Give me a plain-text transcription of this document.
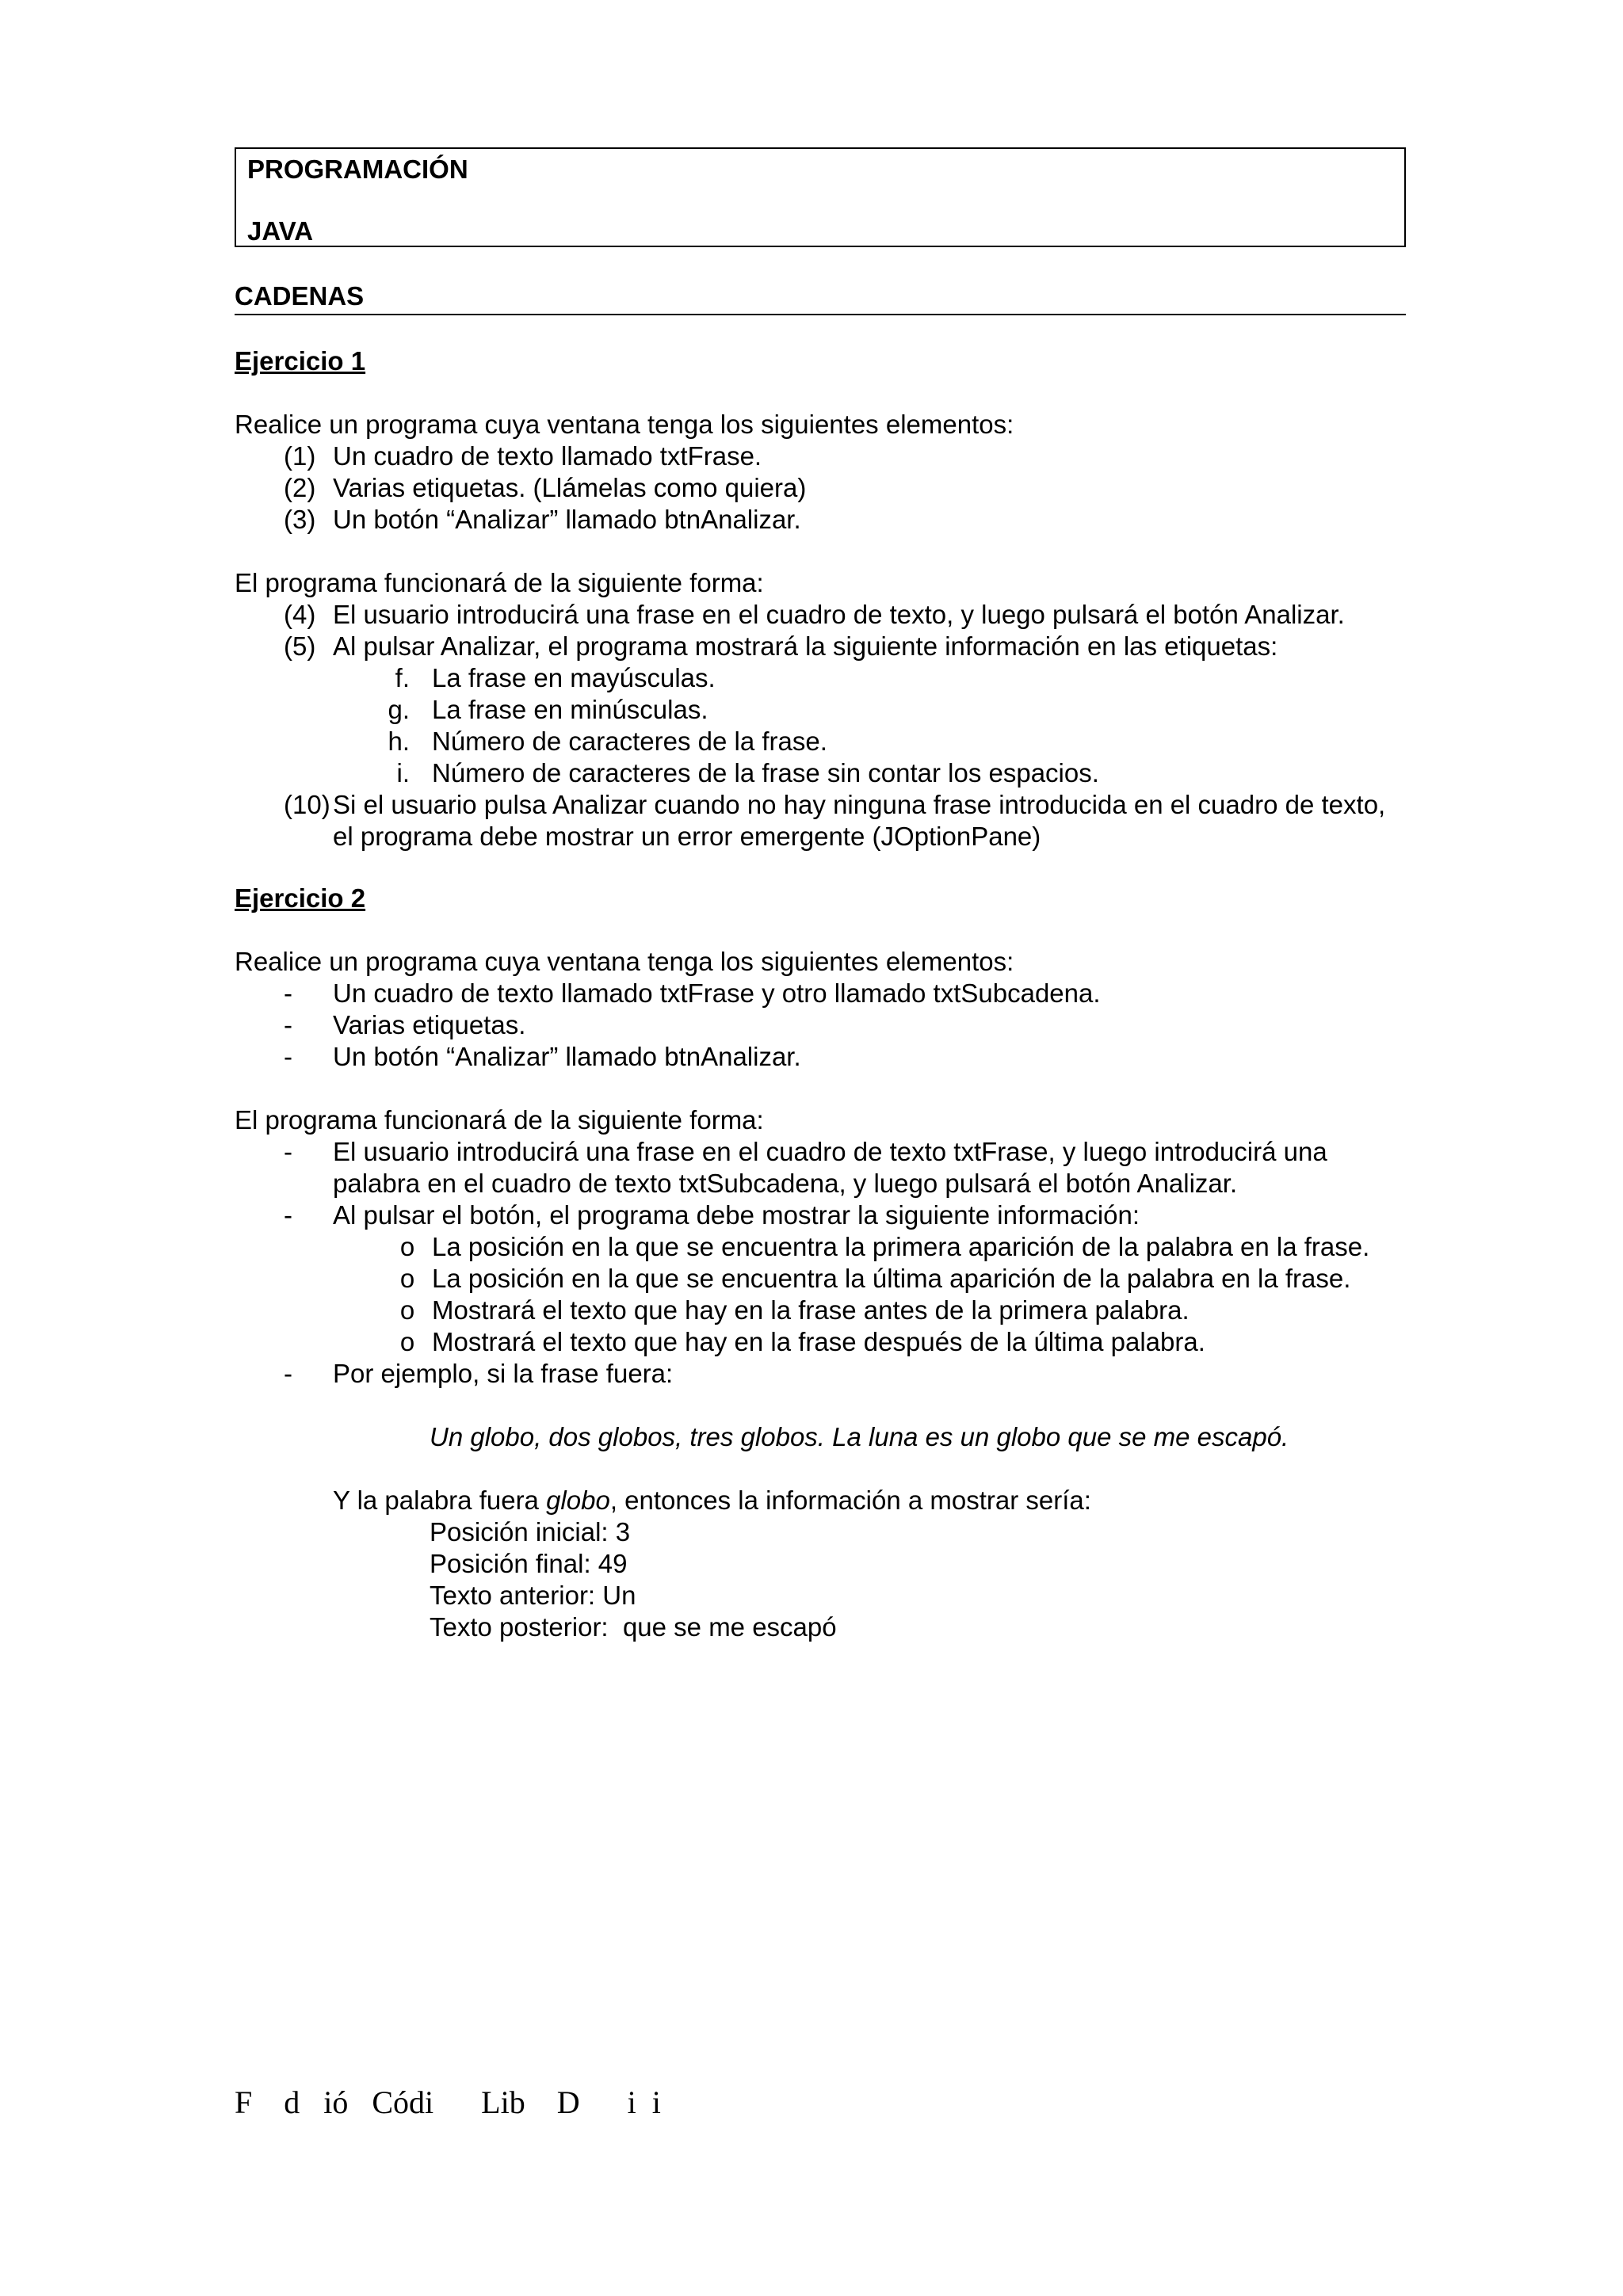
PROGRAMACIÓN
JAVA
CADENAS
Ejercicio 1

Realice un programa cuya ventana tenga los siguientes elementos:

(1) Un cuadro de texto llamado txtFrase.
(2) Varias etiquetas. (Llámelas como quiera)
(3) Un botón “Analizar” llamado btnAnalizar.

El programa funcionará de la siguiente forma:

(4) El usuario introducirá una frase en el cuadro de texto, y luego pulsará el botón Analizar.
(5) Al pulsar Analizar, el programa mostrará la siguiente información en las etiquetas:
f. La frase en mayúsculas.
g. La frase en minúsculas.
h. Número de caracteres de la frase.
i. Número de caracteres de la frase sin contar los espacios.
(10) Si el usuario pulsa Analizar cuando no hay ninguna frase introducida en el cuadro de texto, el programa debe mostrar un error emergente (JOptionPane)
Ejercicio 2

Realice un programa cuya ventana tenga los siguientes elementos:

-	Un cuadro de texto llamado txtFrase y otro llamado txtSubcadena.
-	Varias etiquetas.
-	Un botón “Analizar” llamado btnAnalizar.

El programa funcionará de la siguiente forma:

-	El usuario introducirá una frase en el cuadro de texto txtFrase, y luego introducirá una palabra en el cuadro de texto txtSubcadena, y luego pulsará el botón Analizar.
-	Al pulsar el botón, el programa debe mostrar la siguiente información:
o La posición en la que se encuentra la primera aparición de la palabra en la frase.
o La posición en la que se encuentra la última aparición de la palabra en la frase.
o Mostrará el texto que hay en la frase antes de la primera palabra.
o Mostrará el texto que hay en la frase después de la última palabra.
-	Por ejemplo, si la frase fuera:

Un globo, dos globos, tres globos. La luna es un globo que se me escapó.

Y la palabra fuera globo, entonces la información a mostrar sería:

Posición inicial: 3
Posición final: 49
Texto anterior: Un
Texto posterior:  que se me escapó
F    d   ió   Códi      Lib    D      i  i
